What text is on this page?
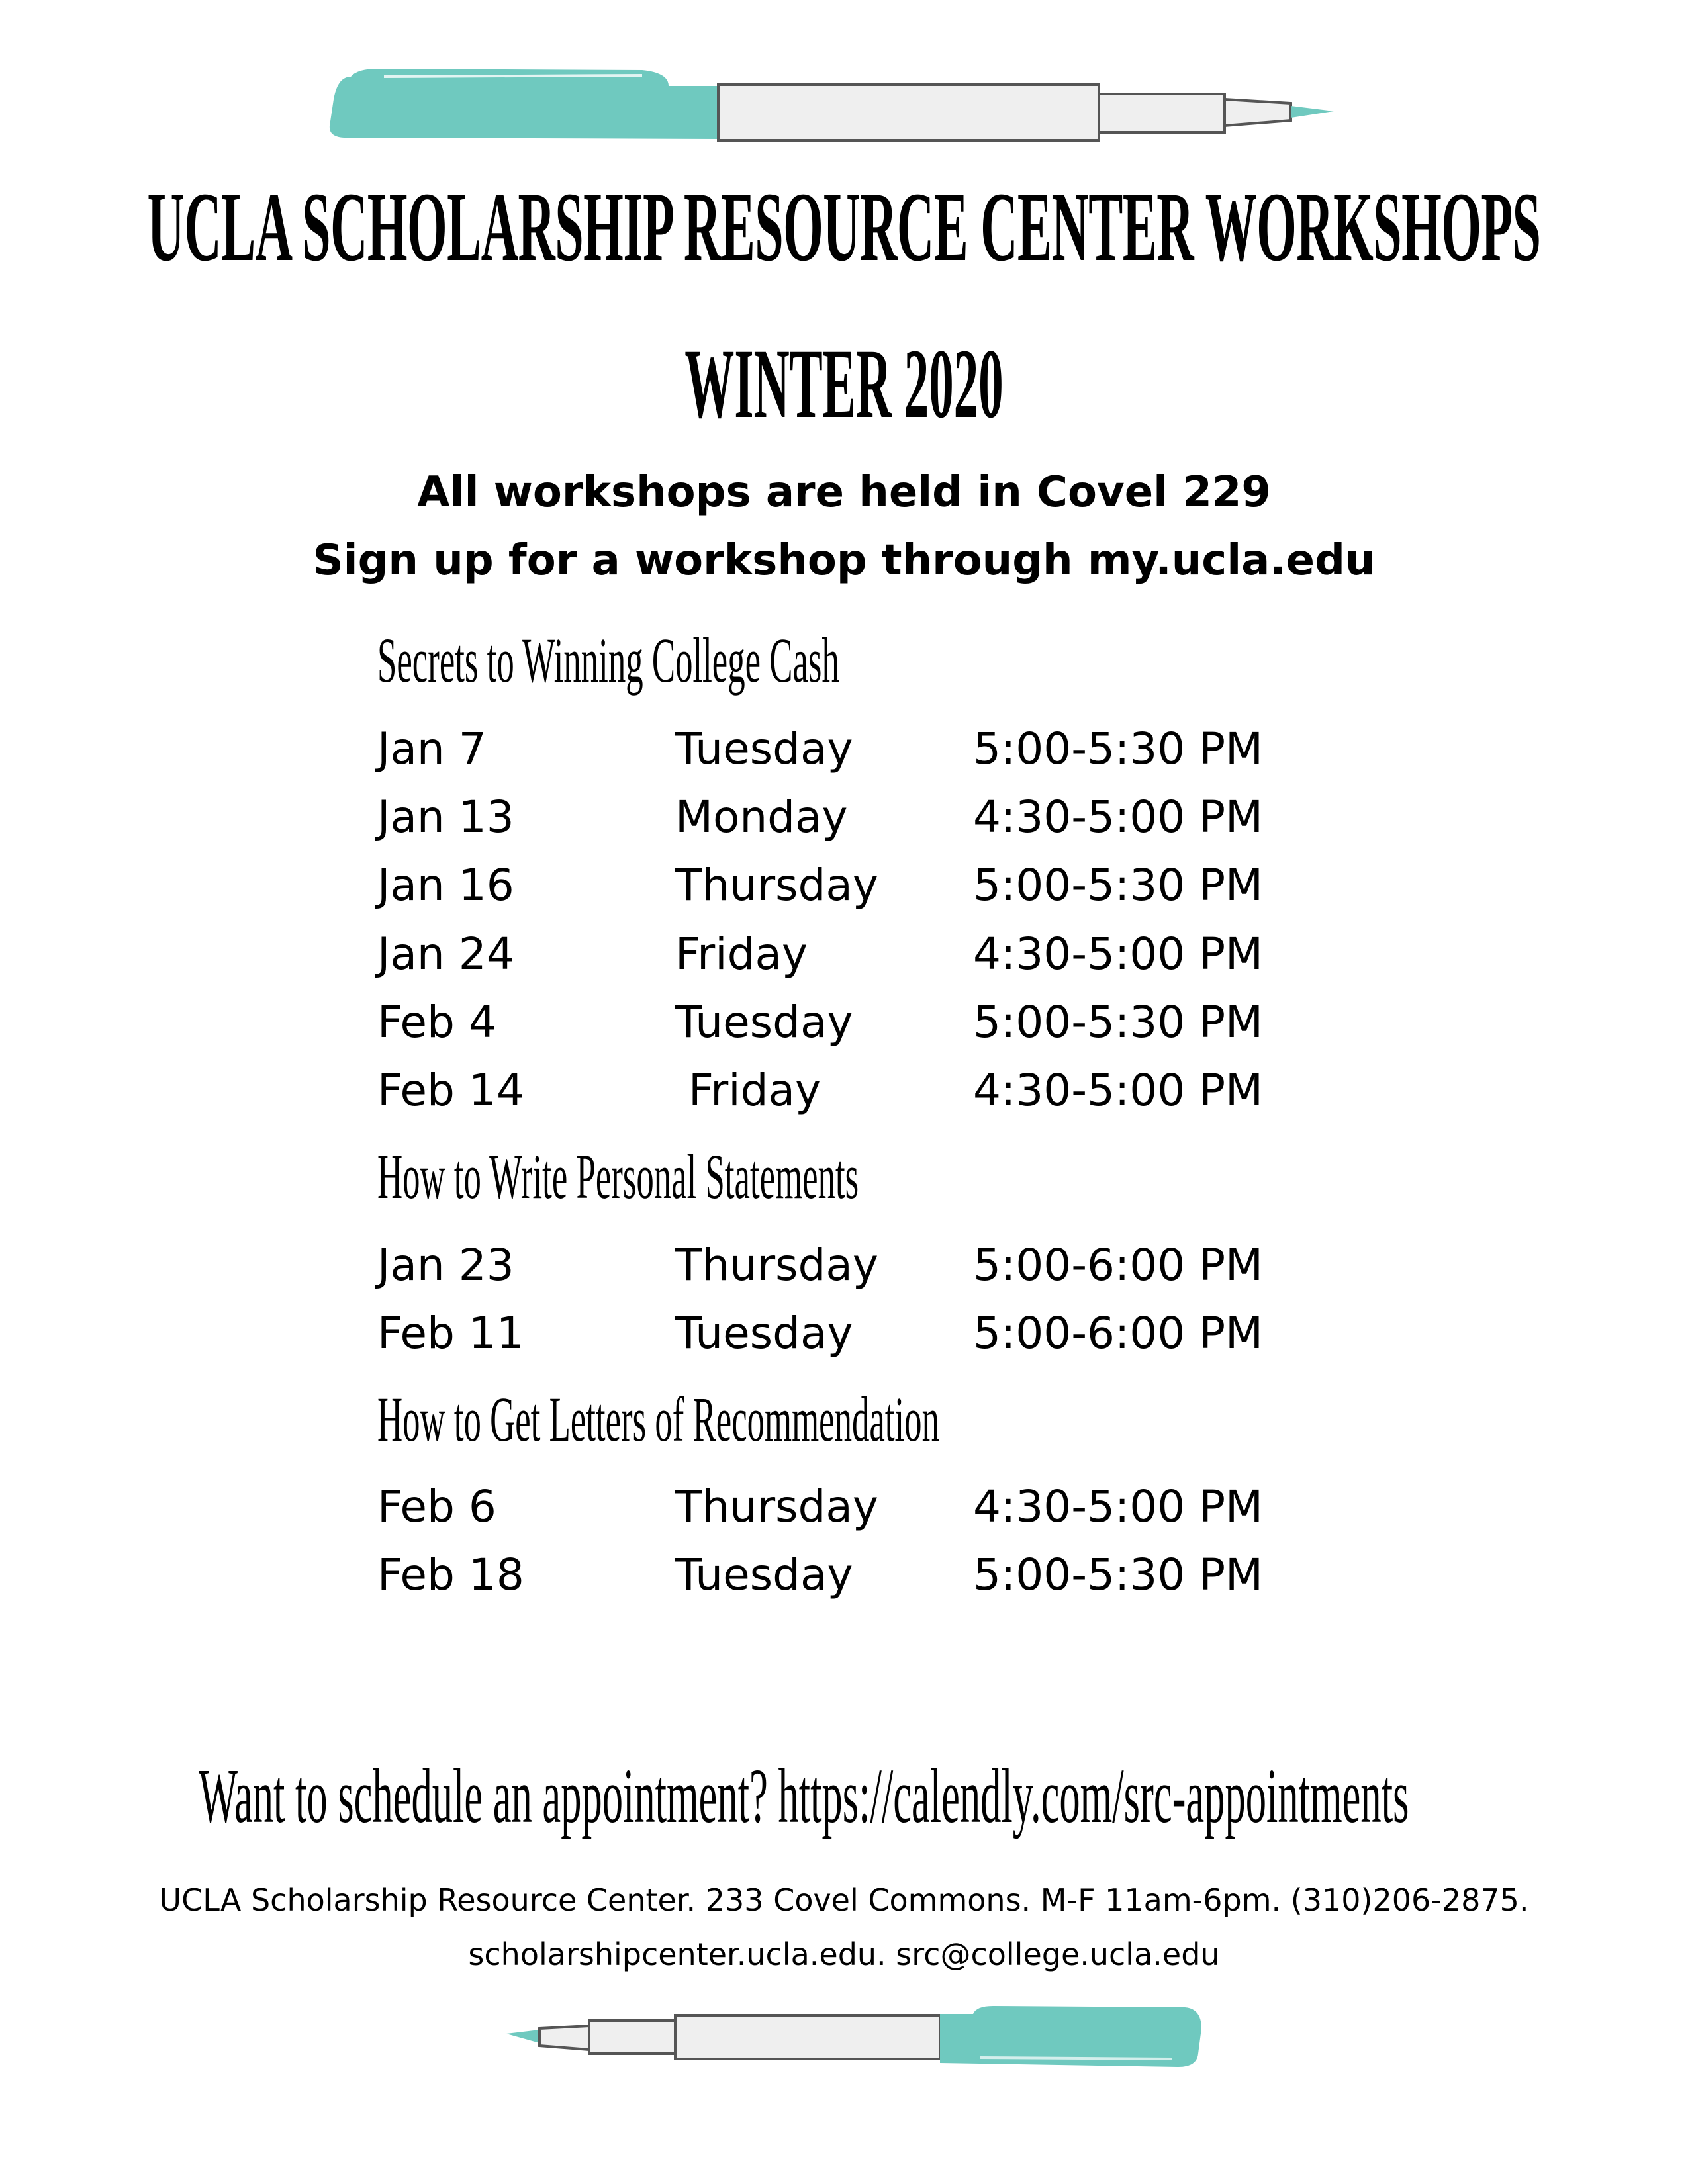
UCLA SCHOLARSHIP RESOURCE CENTER WORKSHOPS
WINTER 2020
All workshops are held in Covel 229
Sign up for a workshop through my.ucla.edu
Secrets to Winning College Cash
Jan 7	Tuesday	5:00-5:30 PM
Jan 13	Monday	4:30-5:00 PM
Jan 16	Thursday 5:00-5:30 PM
Jan 24	Friday	4:30-5:00 PM
Feb 4	Tuesday	5:00-5:30 PM
Feb 14	Friday	4:30-5:00 PM
How to Write Personal Statements
Jan 23	Thursday 5:00-6:00 PM
Feb 11	Tuesday	5:00-6:00 PM
How to Get Letters of Recommendation
Feb 6	Thursday 4:30-5:00 PM
Feb 18	Tuesday	5:00-5:30 PM
Want to schedule an appointment? https://calendly.com/src-appointments
UCLA Scholarship Resource Center. 233 Covel Commons. M-F 11am-6pm. (310)206-2875.
scholarshipcenter.ucla.edu. src@college.ucla.edu
